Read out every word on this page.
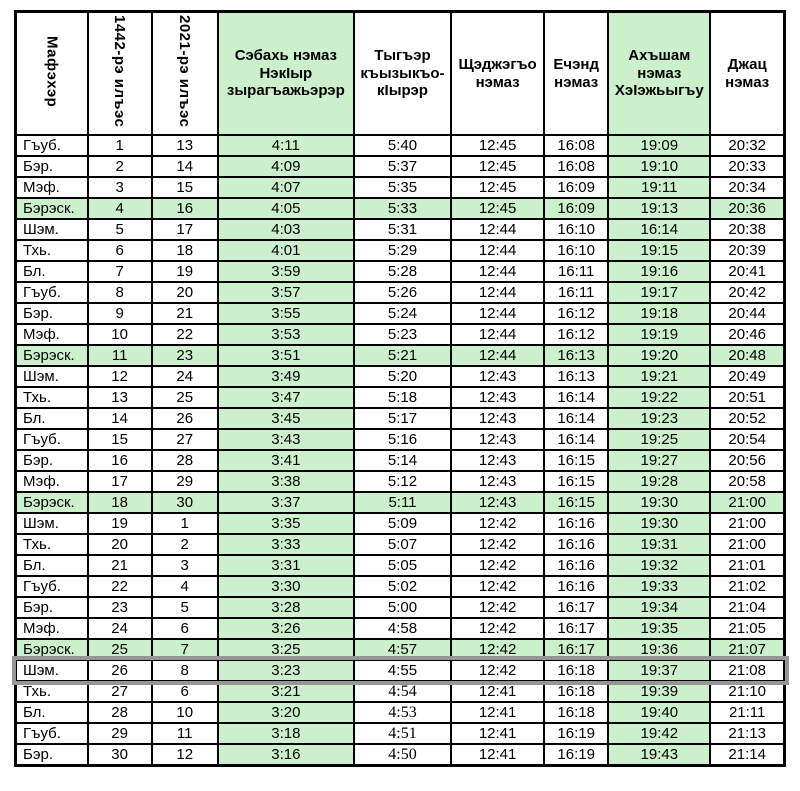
Мафэхэр	1442-рэ илъэс	2021-рэ илъэс	Сэбахь нэмаз НэкIыр зырагъажьэрэр	Тыгъэр къызыкъо-кIырэр	Щэджэгъо нэмаз	Ечэнд нэмаз	Ахъшам нэмаз ХэIэжьыгъу	Джац нэмаз
Гъуб.	1	13	4:11	5:40	12:45	16:08	19:09	20:32
Бэр.	2	14	4:09	5:37	12:45	16:08	19:10	20:33
Мэф.	3	15	4:07	5:35	12:45	16:09	19:11	20:34
Бэрэск.	4	16	4:05	5:33	12:45	16:09	19:13	20:36
Шэм.	5	17	4:03	5:31	12:44	16:10	16:14	20:38
Тхь.	6	18	4:01	5:29	12:44	16:10	19:15	20:39
Бл.	7	19	3:59	5:28	12:44	16:11	19:16	20:41
Гъуб.	8	20	3:57	5:26	12:44	16:11	19:17	20:42
Бэр.	9	21	3:55	5:24	12:44	16:12	19:18	20:44
Мэф.	10	22	3:53	5:23	12:44	16:12	19:19	20:46
Бэрэск.	11	23	3:51	5:21	12:44	16:13	19:20	20:48
Шэм.	12	24	3:49	5:20	12:43	16:13	19:21	20:49
Тхь.	13	25	3:47	5:18	12:43	16:14	19:22	20:51
Бл.	14	26	3:45	5:17	12:43	16:14	19:23	20:52
Гъуб.	15	27	3:43	5:16	12:43	16:14	19:25	20:54
Бэр.	16	28	3:41	5:14	12:43	16:15	19:27	20:56
Мэф.	17	29	3:38	5:12	12:43	16:15	19:28	20:58
Бэрэск.	18	30	3:37	5:11	12:43	16:15	19:30	21:00
Шэм.	19	1	3:35	5:09	12:42	16:16	19:30	21:00
Тхь.	20	2	3:33	5:07	12:42	16:16	19:31	21:00
Бл.	21	3	3:31	5:05	12:42	16:16	19:32	21:01
Гъуб.	22	4	3:30	5:02	12:42	16:16	19:33	21:02
Бэр.	23	5	3:28	5:00	12:42	16:17	19:34	21:04
Мэф.	24	6	3:26	4:58	12:42	16:17	19:35	21:05
Бэрэск.	25	7	3:25	4:57	12:42	16:17	19:36	21:07
Шэм.	26	8	3:23	4:55	12:42	16:18	19:37	21:08
Тхь.	27	6	3:21	4:54	12:41	16:18	19:39	21:10
Бл.	28	10	3:20	4:53	12:41	16:18	19:40	21:11
Гъуб.	29	11	3:18	4:51	12:41	16:19	19:42	21:13
Бэр.	30	12	3:16	4:50	12:41	16:19	19:43	21:14
